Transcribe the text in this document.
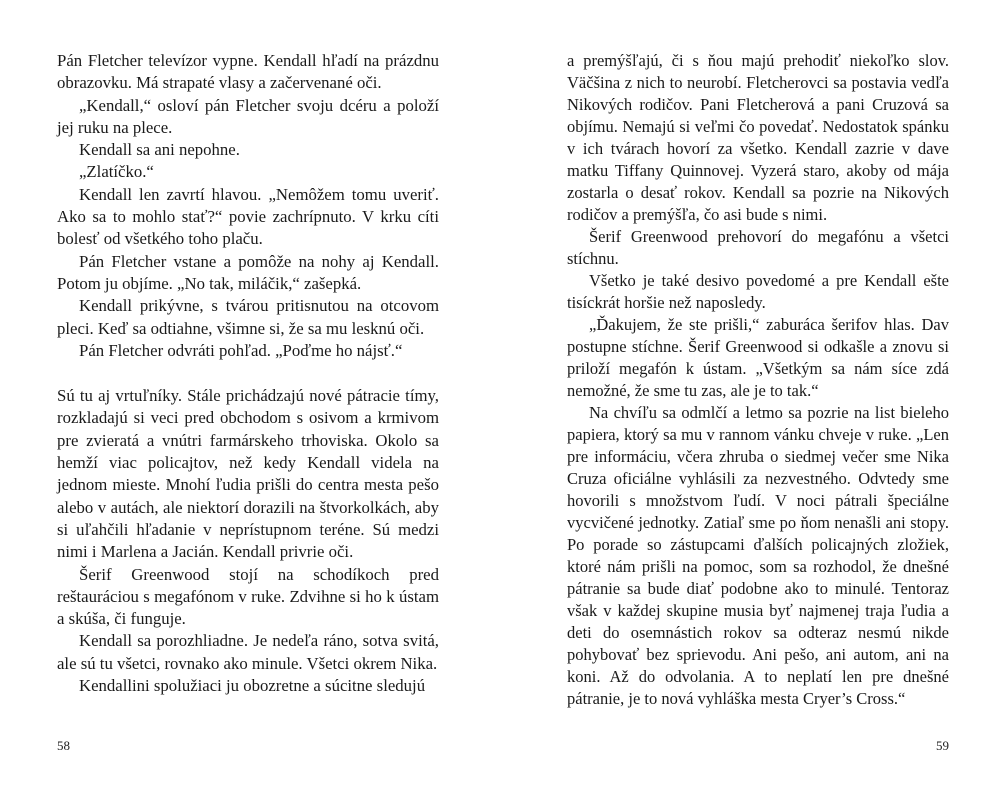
Pán Fletcher televízor vypne. Kendall hľadí na prázdnu obrazovku. Má strapaté vlasy a začervenané oči.

„Kendall,“ osloví pán Fletcher svoju dcéru a položí jej ruku na plece.

Kendall sa ani nepohne.

„Zlatíčko.“

Kendall len zavrtí hlavou. „Nemôžem tomu uveriť. Ako sa to mohlo stať?“ povie zachrípnuto. V krku cíti bolesť od všetkého toho plaču.

Pán Fletcher vstane a pomôže na nohy aj Kendall. Potom ju objíme. „No tak, miláčik,“ zašepká.

Kendall prikývne, s tvárou pritisnutou na otcovom pleci. Keď sa odtiahne, všimne si, že sa mu lesknú oči.

Pán Fletcher odvráti pohľad. „Poďme ho nájsť.“

Sú tu aj vrtuľníky. Stále prichádzajú nové pátracie tímy, rozkladajú si veci pred obchodom s osivom a krmivom pre zvieratá a vnútri farmárskeho trhoviska. Okolo sa hemží viac policajtov, než kedy Kendall videla na jednom mieste. Mnohí ľudia prišli do centra mesta pešo alebo v autách, ale niektorí dorazili na štvorkolkách, aby si uľahčili hľadanie v neprístupnom teréne. Sú medzi nimi i Marlena a Jacián. Kendall privrie oči.

Šerif Greenwood stojí na schodíkoch pred reštauráciou s megafónom v ruke. Zdvihne si ho k ústam a skúša, či funguje.

Kendall sa porozhliadne. Je nedeľa ráno, sotva svitá, ale sú tu všetci, rovnako ako minule. Všetci okrem Nika.

Kendallini spolužiaci ju obozretne a súcitne sledujú

58

a premýšľajú, či s ňou majú prehodiť niekoľko slov. Väčšina z nich to neurobí. Fletcherovci sa postavia vedľa Nikových rodičov. Pani Fletcherová a pani Cruzová sa objímu. Nemajú si veľmi čo povedať. Nedostatok spánku v ich tvárach hovorí za všetko. Kendall zazrie v dave matku Tiffany Quinnovej. Vyzerá staro, akoby od mája zostarla o desať rokov. Kendall sa pozrie na Nikových rodičov a premýšľa, čo asi bude s nimi.

Šerif Greenwood prehovorí do megafónu a všetci stíchnu.

Všetko je také desivo povedomé a pre Kendall ešte tisíckrát horšie než naposledy.

„Ďakujem, že ste prišli,“ zaburáca šerifov hlas. Dav postupne stíchne. Šerif Greenwood si odkašle a znovu si priloží megafón k ústam. „Všetkým sa nám síce zdá nemožné, že sme tu zas, ale je to tak.“

Na chvíľu sa odmlčí a letmo sa pozrie na list bieleho papiera, ktorý sa mu v rannom vánku chveje v ruke. „Len pre informáciu, včera zhruba o siedmej večer sme Nika Cruza oficiálne vyhlásili za nezvestného. Odvtedy sme hovorili s množstvom ľudí. V noci pátrali špeciálne vycvičené jednotky. Zatiaľ sme po ňom nenašli ani stopy. Po porade so zástupcami ďalších policajných zložiek, ktoré nám prišli na pomoc, som sa rozhodol, že dnešné pátranie sa bude diať podobne ako to minulé. Tentoraz však v každej skupine musia byť najmenej traja ľudia a deti do osemnástich rokov sa odteraz nesmú nikde pohybovať bez sprievodu. Ani pešo, ani autom, ani na koni. Až do odvolania. A to neplatí len pre dnešné pátranie, je to nová vyhláška mesta Cryer’s Cross.“

59
